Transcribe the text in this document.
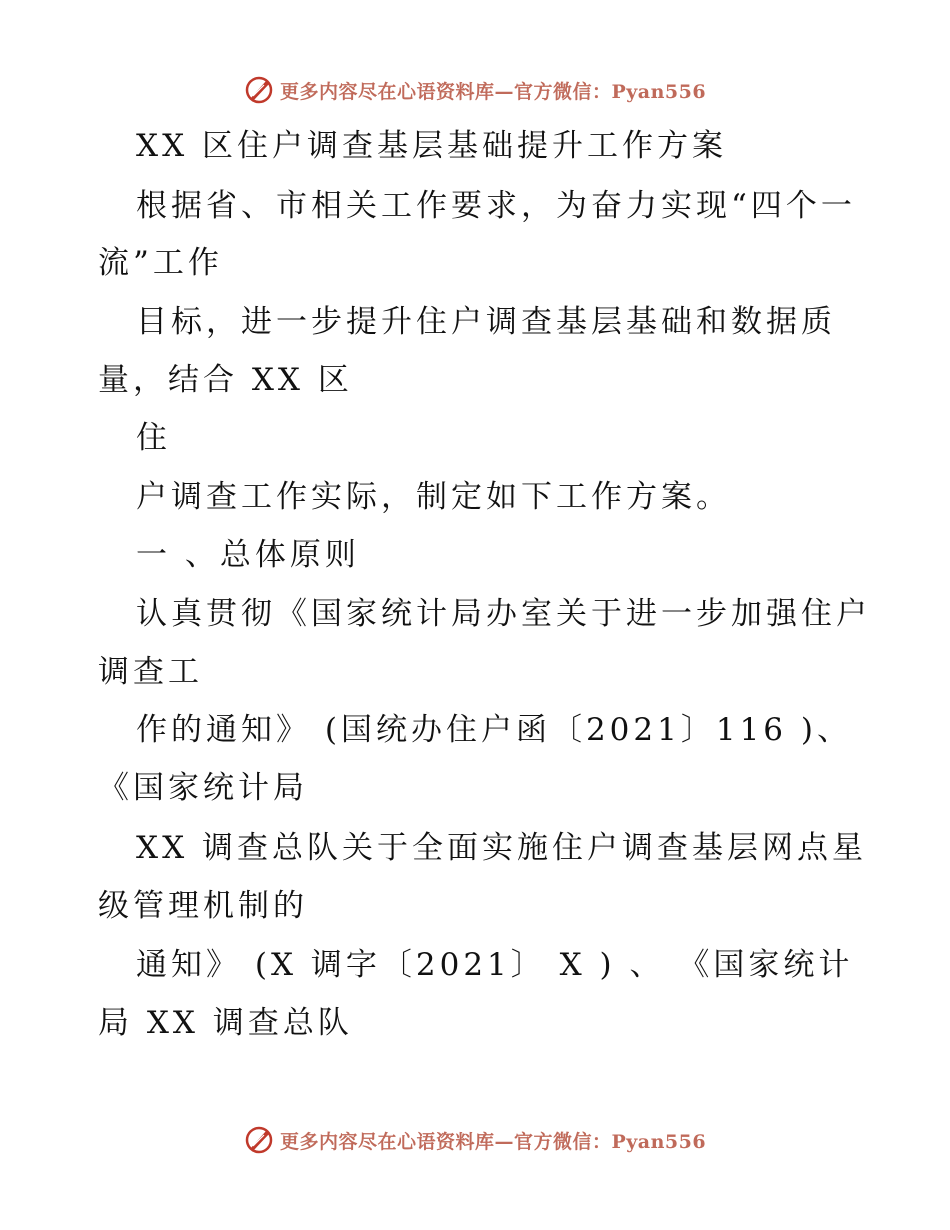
更多内容尽在心语资料库—官方微信：Pyan556
XX 区住户调查基层基础提升工作方案
根据省、市相关工作要求，为奋力实现“四个一
流”工作
目标，进一步提升住户调查基层基础和数据质
量，结合 XX 区
住
户调查工作实际，制定如下工作方案。
一 、总体原则
认真贯彻《国家统计局办室关于进一步加强住户
调查工
作的通知》 (国统办住户函〔2021〕116 )、
《国家统计局
XX 调查总队关于全面实施住户调查基层网点星
级管理机制的
通知》 (X 调字〔2021〕 X ) 、 《国家统计
局 XX 调查总队
更多内容尽在心语资料库—官方微信：Pyan556
